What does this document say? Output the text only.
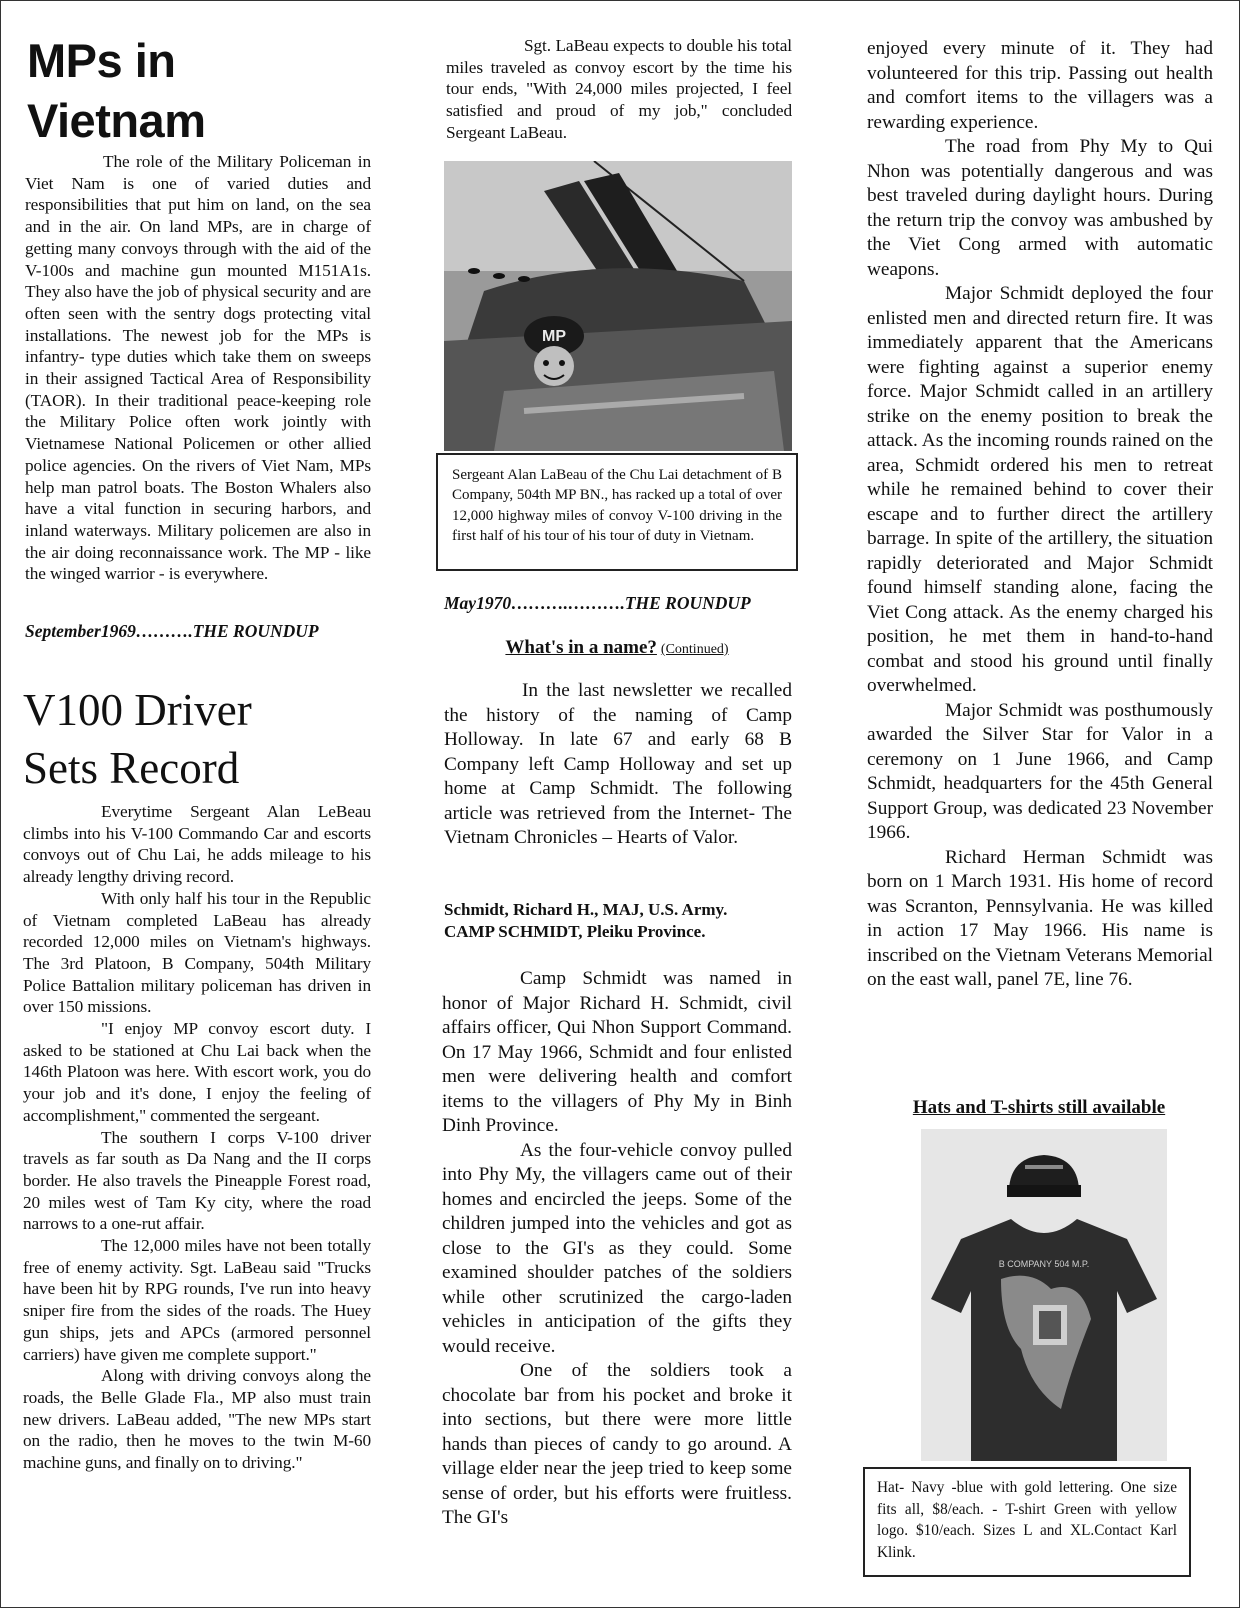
MPs in
Vietnam

The role of the Military Policeman in Viet Nam is one of varied duties and responsibilities that put him on land, on the sea and in the air. On land MPs, are in charge of getting many convoys through with the aid of the V-100s and machine gun mounted M151A1s. They also have the job of physical security and are often seen with the sentry dogs protecting vital installations. The newest job for the MPs is infantry- type duties which take them on sweeps in their assigned Tactical Area of Responsibility (TAOR). In their traditional peace-keeping role the Military Police often work jointly with Vietnamese National Policemen or other allied police agencies. On the rivers of Viet Nam, MPs help man patrol boats. The Boston Whalers also have a vital function in securing harbors, and inland waterways. Military policemen are also in the air doing reconnaissance work. The MP - like the winged warrior - is everywhere.

September1969……….THE ROUNDUP

V100 Driver
Sets Record

Everytime Sergeant Alan LeBeau climbs into his V-100 Commando Car and escorts convoys out of Chu Lai, he adds mileage to his already lengthy driving record.

With only half his tour in the Republic of Vietnam completed LaBeau has already recorded 12,000 miles on Vietnam's highways. The 3rd Platoon, B Company, 504th Military Police Battalion military policeman has driven in over 150 missions.

"I enjoy MP convoy escort duty. I asked to be stationed at Chu Lai back when the 146th Platoon was here. With escort work, you do your job and it's done, I enjoy the feeling of accomplishment," commented the sergeant.

The southern I corps V-100 driver travels as far south as Da Nang and the II corps border. He also travels the Pineapple Forest road, 20 miles west of Tam Ky city, where the road narrows to a one-rut affair.

The 12,000 miles have not been totally free of enemy activity. Sgt. LaBeau said "Trucks have been hit by RPG rounds, I've run into heavy sniper fire from the sides of the roads. The Huey gun ships, jets and APCs (armored personnel carriers) have given me complete support."

Along with driving convoys along the roads, the Belle Glade Fla., MP also must train new drivers. LaBeau added, "The new MPs start on the radio, then he moves to the twin M-60 machine guns, and finally on to driving."

Sgt. LaBeau expects to double his total miles traveled as convoy escort by the time his tour ends, "With 24,000 miles projected, I feel satisfied and proud of my job," concluded Sergeant LaBeau.

MP
Sergeant Alan LaBeau of the Chu Lai detachment of B Company, 504th MP BN., has racked up a total of over 12,000 highway miles of convoy V-100 driving in the first half of his tour of his tour of duty in Vietnam.

May1970……….……….THE ROUNDUP

What's in a name? (Continued)

In the last newsletter we recalled the history of the naming of Camp Holloway. In late 67 and early 68 B Company left Camp Holloway and set up home at Camp Schmidt. The following article was retrieved from the Internet- The Vietnam Chronicles – Hearts of Valor.

Schmidt, Richard H., MAJ, U.S. Army.

CAMP SCHMIDT, Pleiku Province.

Camp Schmidt was named in honor of Major Richard H. Schmidt, civil affairs officer, Qui Nhon Support Command. On 17 May 1966, Schmidt and four enlisted men were delivering health and comfort items to the villagers of Phy My in Binh Dinh Province.

As the four-vehicle convoy pulled into Phy My, the villagers came out of their homes and encircled the jeeps. Some of the children jumped into the vehicles and got as close to the GI's as they could. Some examined shoulder patches of the soldiers while other scrutinized the cargo-laden vehicles in anticipation of the gifts they would receive.

One of the soldiers took a chocolate bar from his pocket and broke it into sections, but there were more little hands than pieces of candy to go around. A village elder near the jeep tried to keep some sense of order, but his efforts were fruitless. The GI's

enjoyed every minute of it. They had volunteered for this trip. Passing out health and comfort items to the villagers was a rewarding experience.

The road from Phy My to Qui Nhon was potentially dangerous and was best traveled during daylight hours. During the return trip the convoy was ambushed by the Viet Cong armed with automatic weapons.

Major Schmidt deployed the four enlisted men and directed return fire. It was immediately apparent that the Americans were fighting against a superior enemy force. Major Schmidt called in an artillery strike on the enemy position to break the attack. As the incoming rounds rained on the area, Schmidt ordered his men to retreat while he remained behind to cover their escape and to further direct the artillery barrage. In spite of the artillery, the situation rapidly deteriorated and Major Schmidt found himself standing alone, facing the Viet Cong attack. As the enemy charged his position, he met them in hand-to-hand combat and stood his ground until finally overwhelmed.

Major Schmidt was posthumously awarded the Silver Star for Valor in a ceremony on 1 June 1966, and Camp Schmidt, headquarters for the 45th General Support Group, was dedicated 23 November 1966.

Richard Herman Schmidt was born on 1 March 1931. His home of record was Scranton, Pennsylvania. He was killed in action 17 May 1966. His name is inscribed on the Vietnam Veterans Memorial on the east wall, panel 7E, line 76.

Hats and T-shirts still available
B COMPANY 504 M.P.
Hat- Navy -blue with gold lettering. One size fits all, $8/each. - T-shirt Green with yellow logo. $10/each. Sizes L and XL.Contact Karl Klink.
